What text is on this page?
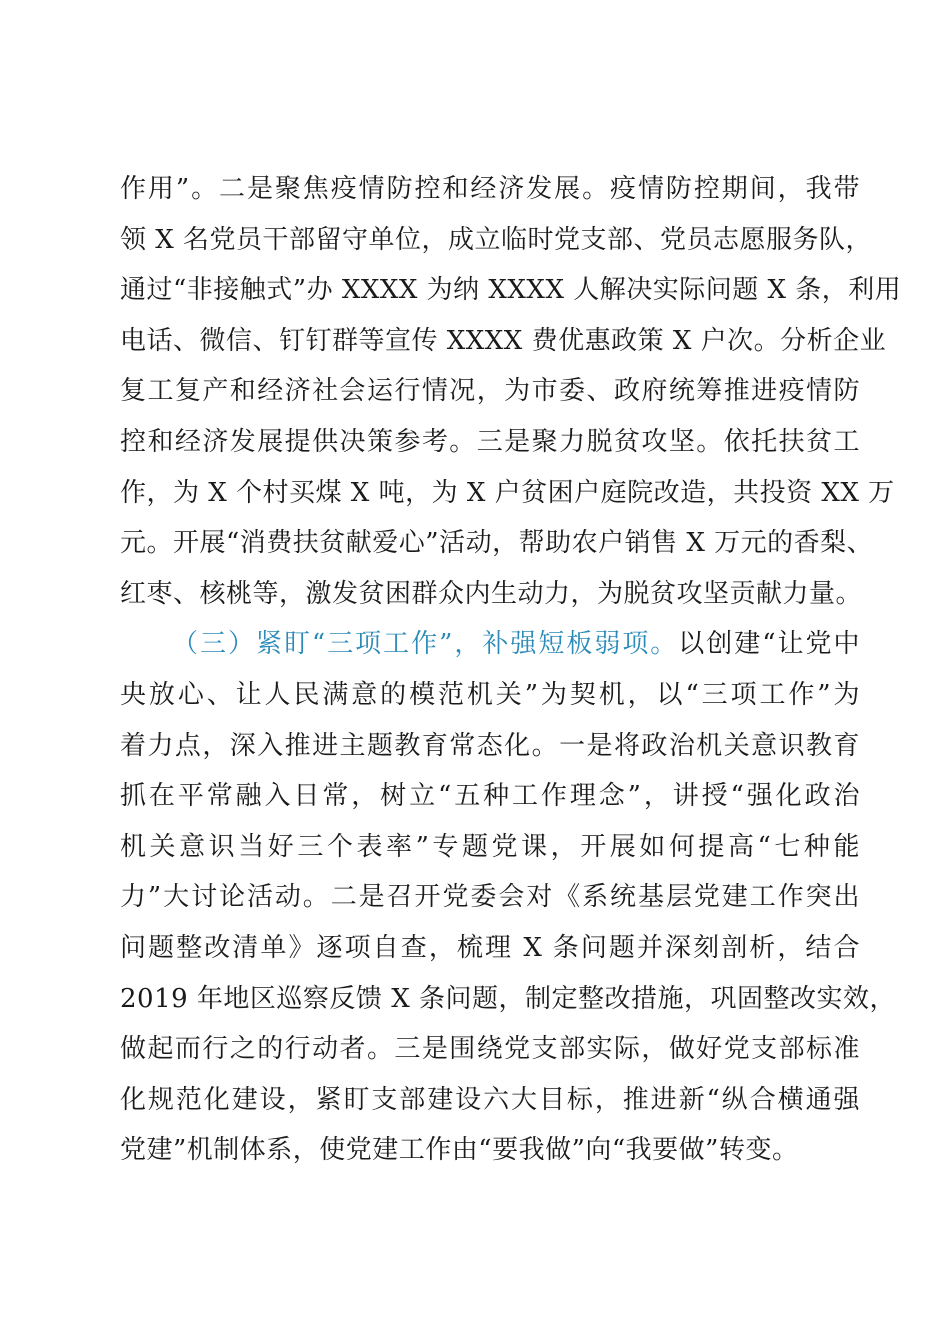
作用”。二是聚焦疫情防控和经济发展。疫情防控期间，我带
领 X 名党员干部留守单位，成立临时党支部、党员志愿服务队，
通过“非接触式”办 XXXX 为纳 XXXX 人解决实际问题 X 条，利用
电话、微信、钉钉群等宣传 XXXX 费优惠政策 X 户次。分析企业
复工复产和经济社会运行情况，为市委、政府统筹推进疫情防
控和经济发展提供决策参考。三是聚力脱贫攻坚。依托扶贫工
作，为 X 个村买煤 X 吨，为 X 户贫困户庭院改造，共投资 XX 万
元。开展“消费扶贫献爱心”活动，帮助农户销售 X 万元的香梨、
红枣、核桃等，激发贫困群众内生动力，为脱贫攻坚贡献力量。
（三）紧盯“三项工作”，补强短板弱项。以创建“让党中
央放心、让人民满意的模范机关”为契机，以“三项工作”为
着力点，深入推进主题教育常态化。一是将政治机关意识教育
抓在平常融入日常，树立“五种工作理念”，讲授“强化政治
机关意识当好三个表率”专题党课，开展如何提高“七种能
力”大讨论活动。二是召开党委会对《系统基层党建工作突出
问题整改清单》逐项自查，梳理 X 条问题并深刻剖析，结合
2019 年地区巡察反馈 X 条问题，制定整改措施，巩固整改实效，
做起而行之的行动者。三是围绕党支部实际，做好党支部标准
化规范化建设，紧盯支部建设六大目标，推进新“纵合横通强
党建”机制体系，使党建工作由“要我做”向“我要做”转变。
